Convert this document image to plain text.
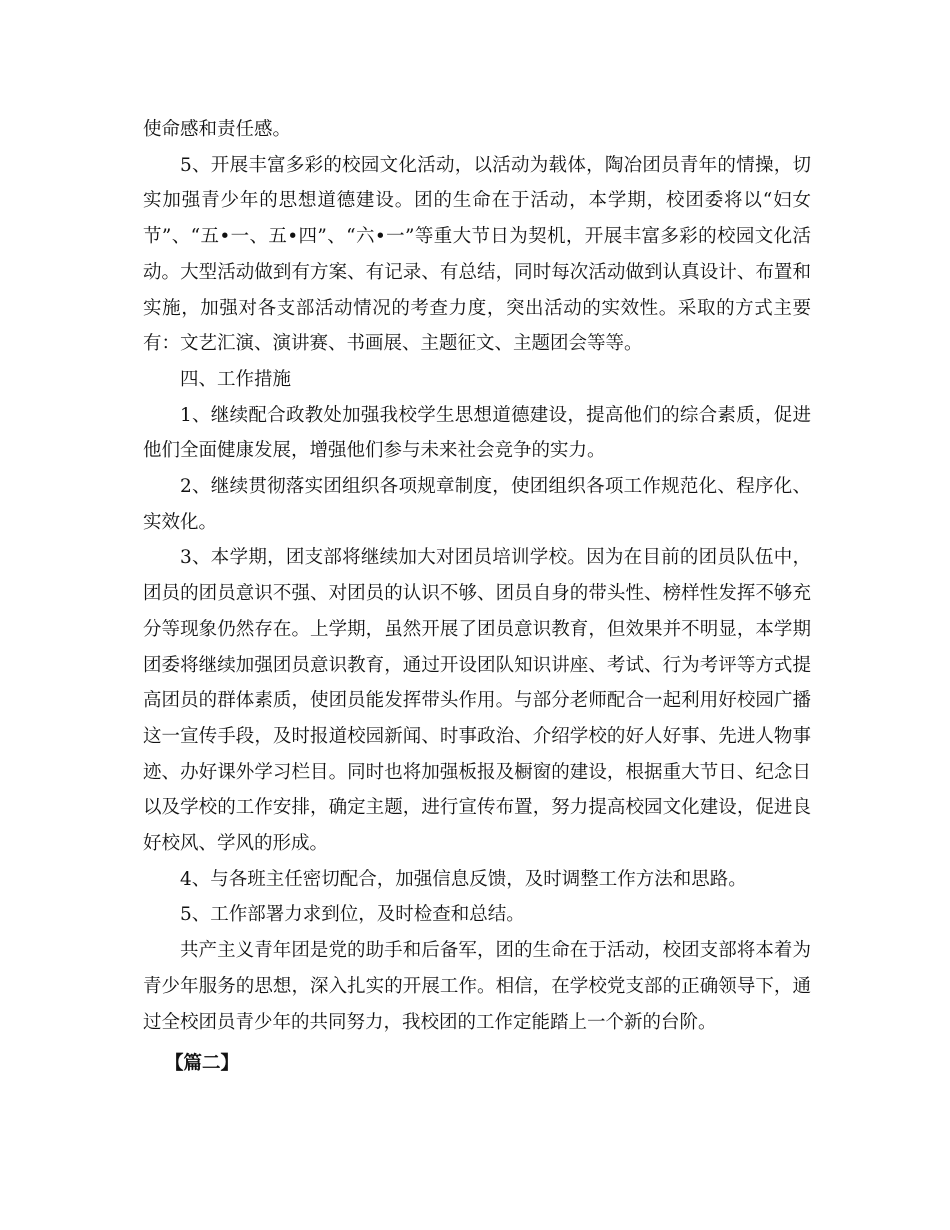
使命感和责任感。

5、开展丰富多彩的校园文化活动，以活动为载体，陶冶团员青年的情操，切实加强青少年的思想道德建设。团的生命在于活动，本学期，校团委将以“妇女节”、“五•一、五•四”、“六•一”等重大节日为契机，开展丰富多彩的校园文化活动。大型活动做到有方案、有记录、有总结，同时每次活动做到认真设计、布置和实施，加强对各支部活动情况的考查力度，突出活动的实效性。采取的方式主要有：文艺汇演、演讲赛、书画展、主题征文、主题团会等等。

四、工作措施

1、继续配合政教处加强我校学生思想道德建设，提高他们的综合素质，促进他们全面健康发展，增强他们参与未来社会竞争的实力。

2、继续贯彻落实团组织各项规章制度，使团组织各项工作规范化、程序化、实效化。

3、本学期，团支部将继续加大对团员培训学校。因为在目前的团员队伍中，团员的团员意识不强、对团员的认识不够、团员自身的带头性、榜样性发挥不够充分等现象仍然存在。上学期，虽然开展了团员意识教育，但效果并不明显，本学期团委将继续加强团员意识教育，通过开设团队知识讲座、考试、行为考评等方式提高团员的群体素质，使团员能发挥带头作用。与部分老师配合一起利用好校园广播这一宣传手段，及时报道校园新闻、时事政治、介绍学校的好人好事、先进人物事迹、办好课外学习栏目。同时也将加强板报及橱窗的建设，根据重大节日、纪念日以及学校的工作安排，确定主题，进行宣传布置，努力提高校园文化建设，促进良好校风、学风的形成。

4、与各班主任密切配合，加强信息反馈，及时调整工作方法和思路。

5、工作部署力求到位，及时检查和总结。

共产主义青年团是党的助手和后备军，团的生命在于活动，校团支部将本着为青少年服务的思想，深入扎实的开展工作。相信，在学校党支部的正确领导下，通过全校团员青少年的共同努力，我校团的工作定能踏上一个新的台阶。

【篇二】
